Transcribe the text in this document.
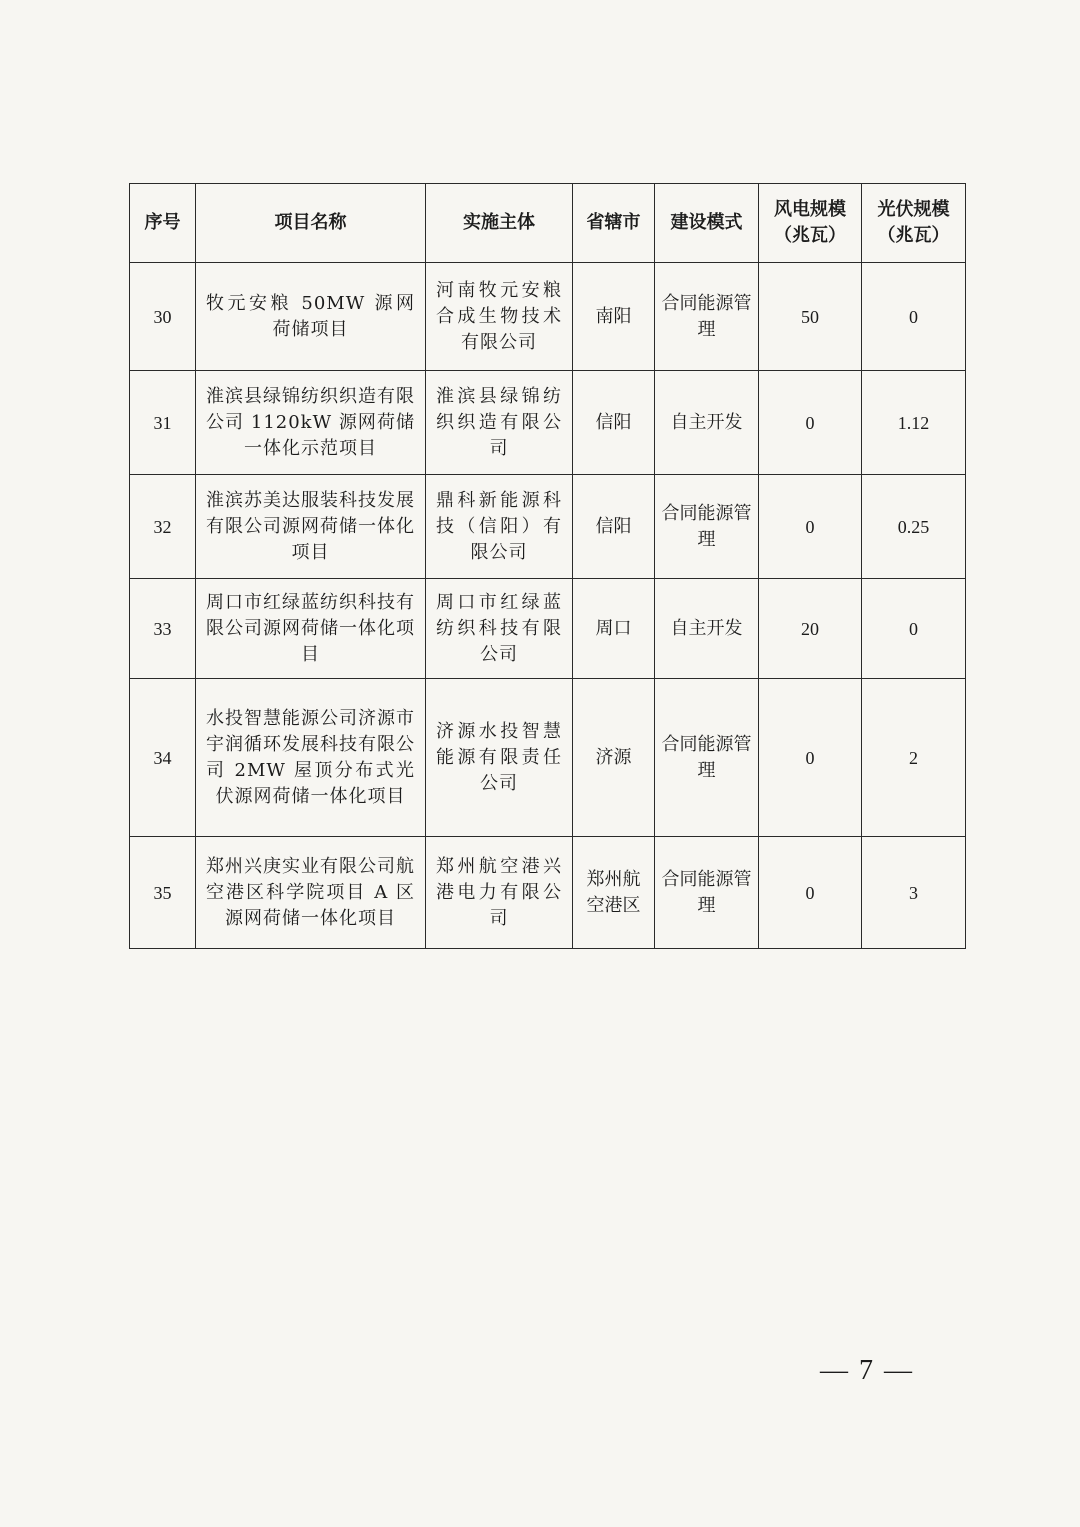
序号	项目名称	实施主体	省辖市	建设模式	风电规模（兆瓦）	光伏规模（兆瓦）
30	牧元安粮 50MW 源网荷储项目	河南牧元安粮合成生物技术有限公司	南阳	合同能源管理	50	0
31	淮滨县绿锦纺织织造有限公司 1120kW 源网荷储 一体化示范项目	淮滨县绿锦纺织织造有限公司	信阳	自主开发	0	1.12
32	淮滨苏美达服装科技发展有限公司源网荷储一体化项目	鼎科新能源科技（信阳）有限公司	信阳	合同能源管理	0	0.25
33	周口市红绿蓝纺织科技有限公司源网荷储一体化项目	周口市红绿蓝纺织科技有限公司	周口	自主开发	20	0
34	水投智慧能源公司济源市宇润循环发展科技有限公司 2MW 屋顶分布式光伏源网荷储一体化项目	济源水投智慧能源有限责任公司	济源	合同能源管理	0	2
35	郑州兴庚实业有限公司航空港区科学院项目 A 区源网荷储一体化项目	郑州航空港兴港电力有限公司	郑州航空港区	合同能源管理	0	3
— 7 —
